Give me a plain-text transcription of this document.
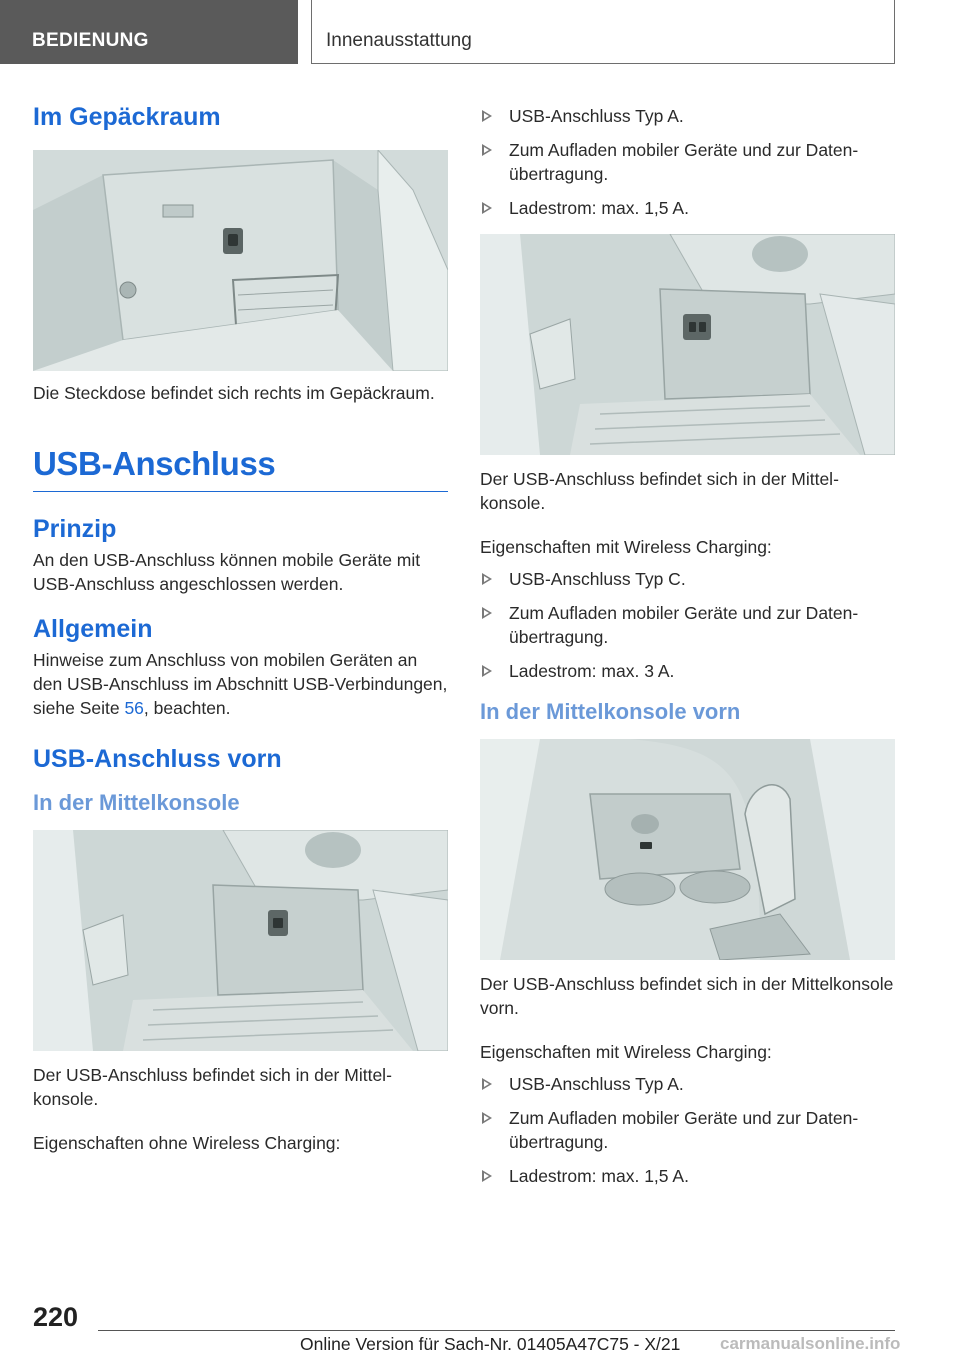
BEDIENUNG	Innenausstattung
Im Gepäckraum

Die Steckdose befindet sich rechts im Gepäckraum.

USB-Anschluss
Prinzip

An den USB-Anschluss können mobile Geräte mit USB-Anschluss angeschlossen werden.

Allgemein

Hinweise zum Anschluss von mobilen Geräten an den USB-Anschluss im Abschnitt USB-Verbindungen, siehe Seite 56, beachten.

USB-Anschluss vorn
In der Mittelkonsole

Der USB-Anschluss befindet sich in der Mittelkonsole.

Eigenschaften ohne Wireless Charging:

USB-Anschluss Typ A.
Zum Aufladen mobiler Geräte und zur Datenübertragung.
Ladestrom: max. 1,5 A.

Der USB-Anschluss befindet sich in der Mittelkonsole.

Eigenschaften mit Wireless Charging:

USB-Anschluss Typ C.
Zum Aufladen mobiler Geräte und zur Datenübertragung.
Ladestrom: max. 3 A.
In der Mittelkonsole vorn

Der USB-Anschluss befindet sich in der Mittelkonsole vorn.

Eigenschaften mit Wireless Charging:

USB-Anschluss Typ A.
Zum Aufladen mobiler Geräte und zur Datenübertragung.
Ladestrom: max. 1,5 A.
220
Online Version für Sach-Nr. 01405A47C75 - X/21 carmanualsonline.info
